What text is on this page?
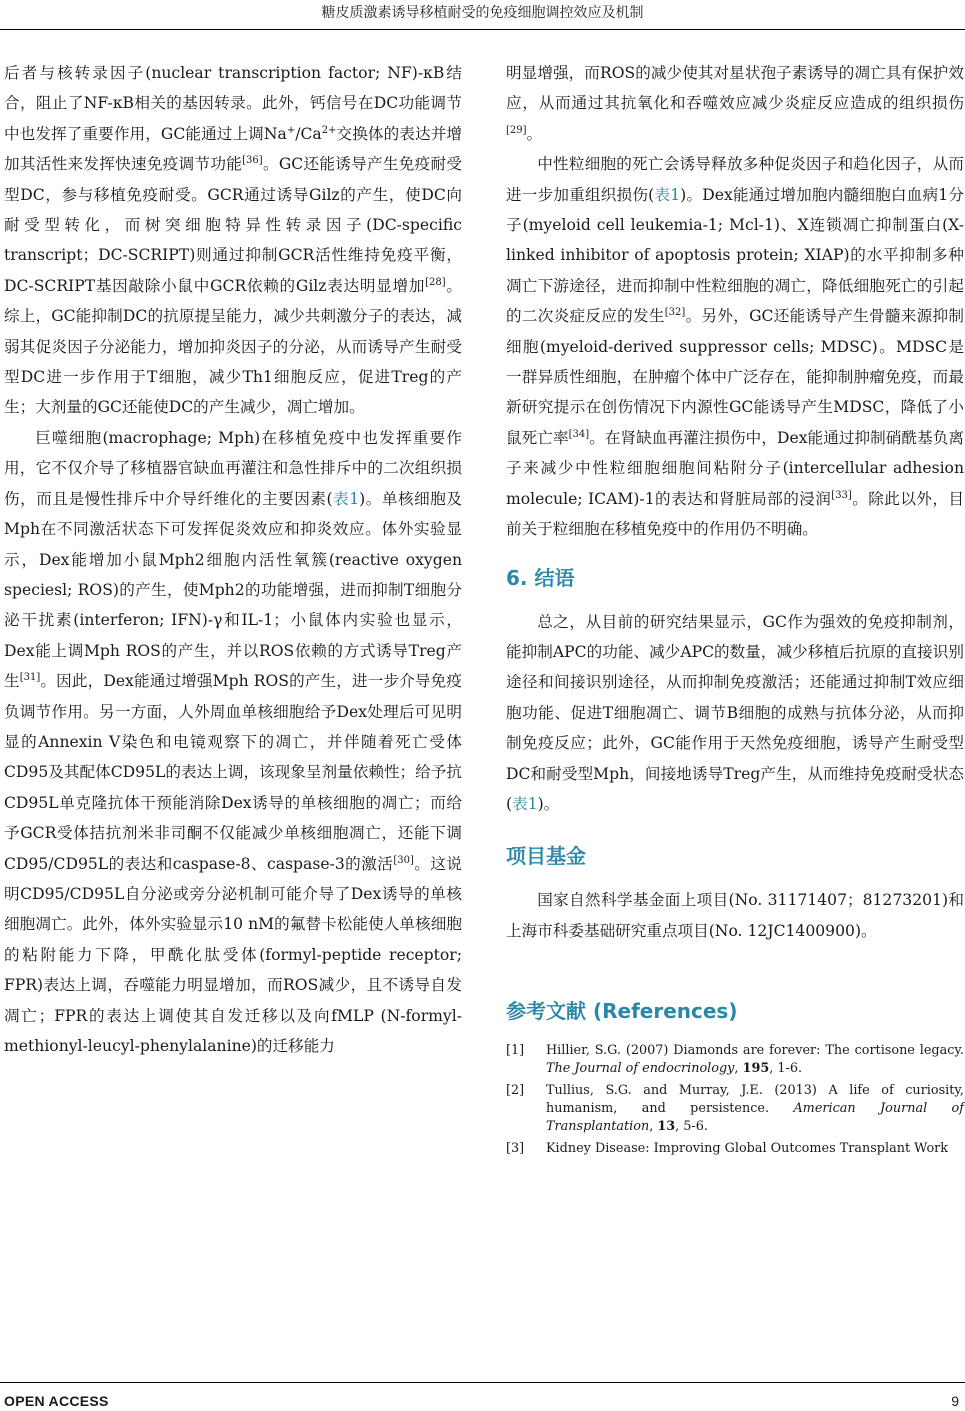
糖皮质激素诱导移植耐受的免疫细胞调控效应及机制

后者与核转录因子(nuclear transcription factor; NF)-κB结合，阻止了NF-κB相关的基因转录。此外，钙信号在DC功能调节中也发挥了重要作用，GC能通过上调$Na^+/Ca^{2+}$交换体的表达并增加其活性来发挥快速免疫调节功能[36]。GC还能诱导产生免疫耐受型DC，参与移植免疫耐受。GCR通过诱导Gilz的产生，使DC向耐受型转化，而树突细胞特异性转录因子(DC-specific transcript；DC-SCRIPT)则通过抑制GCR活性维持免疫平衡，DC-SCRIPT基因敲除小鼠中GCR依赖的Gilz表达明显增加[28]。综上，GC能抑制DC的抗原提呈能力，减少共刺激分子的表达，减弱其促炎因子分泌能力，增加抑炎因子的分泌，从而诱导产生耐受型DC进一步作用于T细胞，减少Th1细胞反应，促进Treg的产生；大剂量的GC还能使DC的产生减少，凋亡增加。

巨噬细胞(macrophage; Mph)在移植免疫中也发挥重要作用，它不仅介导了移植器官缺血再灌注和急性排斥中的二次组织损伤，而且是慢性排斥中介导纤维化的主要因素(表1)。单核细胞及Mph在不同激活状态下可发挥促炎效应和抑炎效应。体外实验显示，Dex能增加小鼠Mph2细胞内活性氧簇(reactive oxygen speciesl; ROS)的产生，使Mph2的功能增强，进而抑制T细胞分泌干扰素(interferon; IFN)-γ和IL-1；小鼠体内实验也显示，Dex能上调Mph ROS的产生，并以ROS依赖的方式诱导Treg产生[31]。因此，Dex能通过增强Mph ROS的产生，进一步介导免疫负调节作用。另一方面，人外周血单核细胞给予Dex处理后可见明显的Annexin V染色和电镜观察下的凋亡，并伴随着死亡受体CD95及其配体CD95L的表达上调，该现象呈剂量依赖性；给予抗CD95L单克隆抗体干预能消除Dex诱导的单核细胞的凋亡；而给予GCR受体拮抗剂米非司酮不仅能减少单核细胞凋亡，还能下调CD95/CD95L的表达和caspase-8、caspase-3的激活[30]。这说明CD95/CD95L自分泌或旁分泌机制可能介导了Dex诱导的单核细胞凋亡。此外，体外实验显示10 nM的氟替卡松能使人单核细胞的粘附能力下降，甲酰化肽受体(formyl-peptide receptor; FPR)表达上调，吞噬能力明显增加，而ROS减少，且不诱导自发凋亡；FPR的表达上调使其自发迁移以及向fMLP (N-formyl-methionyl-leucyl-phenylalanine)的迁移能力

明显增强，而ROS的减少使其对星状孢子素诱导的凋亡具有保护效应，从而通过其抗氧化和吞噬效应减少炎症反应造成的组织损伤[29]。

中性粒细胞的死亡会诱导释放多种促炎因子和趋化因子，从而进一步加重组织损伤(表1)。Dex能通过增加胞内髓细胞白血病1分子(myeloid cell leukemia-1; Mcl-1)、X连锁凋亡抑制蛋白(X-linked inhibitor of apoptosis protein; XIAP)的水平抑制多种凋亡下游途径，进而抑制中性粒细胞的凋亡，降低细胞死亡的引起的二次炎症反应的发生[32]。另外，GC还能诱导产生骨髓来源抑制细胞(myeloid-derived suppressor cells; MDSC)。MDSC是一群异质性细胞，在肿瘤个体中广泛存在，能抑制肿瘤免疫，而最新研究提示在创伤情况下内源性GC能诱导产生MDSC，降低了小鼠死亡率[34]。在肾缺血再灌注损伤中，Dex能通过抑制硝酰基负离子来减少中性粒细胞细胞间粘附分子(intercellular adhesion molecule; ICAM)-1的表达和肾脏局部的浸润[33]。除此以外，目前关于粒细胞在移植免疫中的作用仍不明确。

6. 结语

总之，从目前的研究结果显示，GC作为强效的免疫抑制剂，能抑制APC的功能、减少APC的数量，减少移植后抗原的直接识别途径和间接识别途径，从而抑制免疫激活；还能通过抑制T效应细胞功能、促进T细胞凋亡、调节B细胞的成熟与抗体分泌，从而抑制免疫反应；此外，GC能作用于天然免疫细胞，诱导产生耐受型DC和耐受型Mph，间接地诱导Treg产生，从而维持免疫耐受状态(表1)。

项目基金

国家自然科学基金面上项目(No. 31171407；81273201)和上海市科委基础研究重点项目(No. 12JC1400900)。

参考文献 (References)
[1]	Hillier, S.G. (2007) Diamonds are forever: The cortisone legacy. The Journal of endocrinology, 195, 1-6.
[2]	Tullius, S.G. and Murray, J.E. (2013) A life of curiosity, humanism, and persistence. American Journal of Transplantation, 13, 5-6.
[3]	Kidney Disease: Improving Global Outcomes Transplant Work
OPEN ACCESS	9
